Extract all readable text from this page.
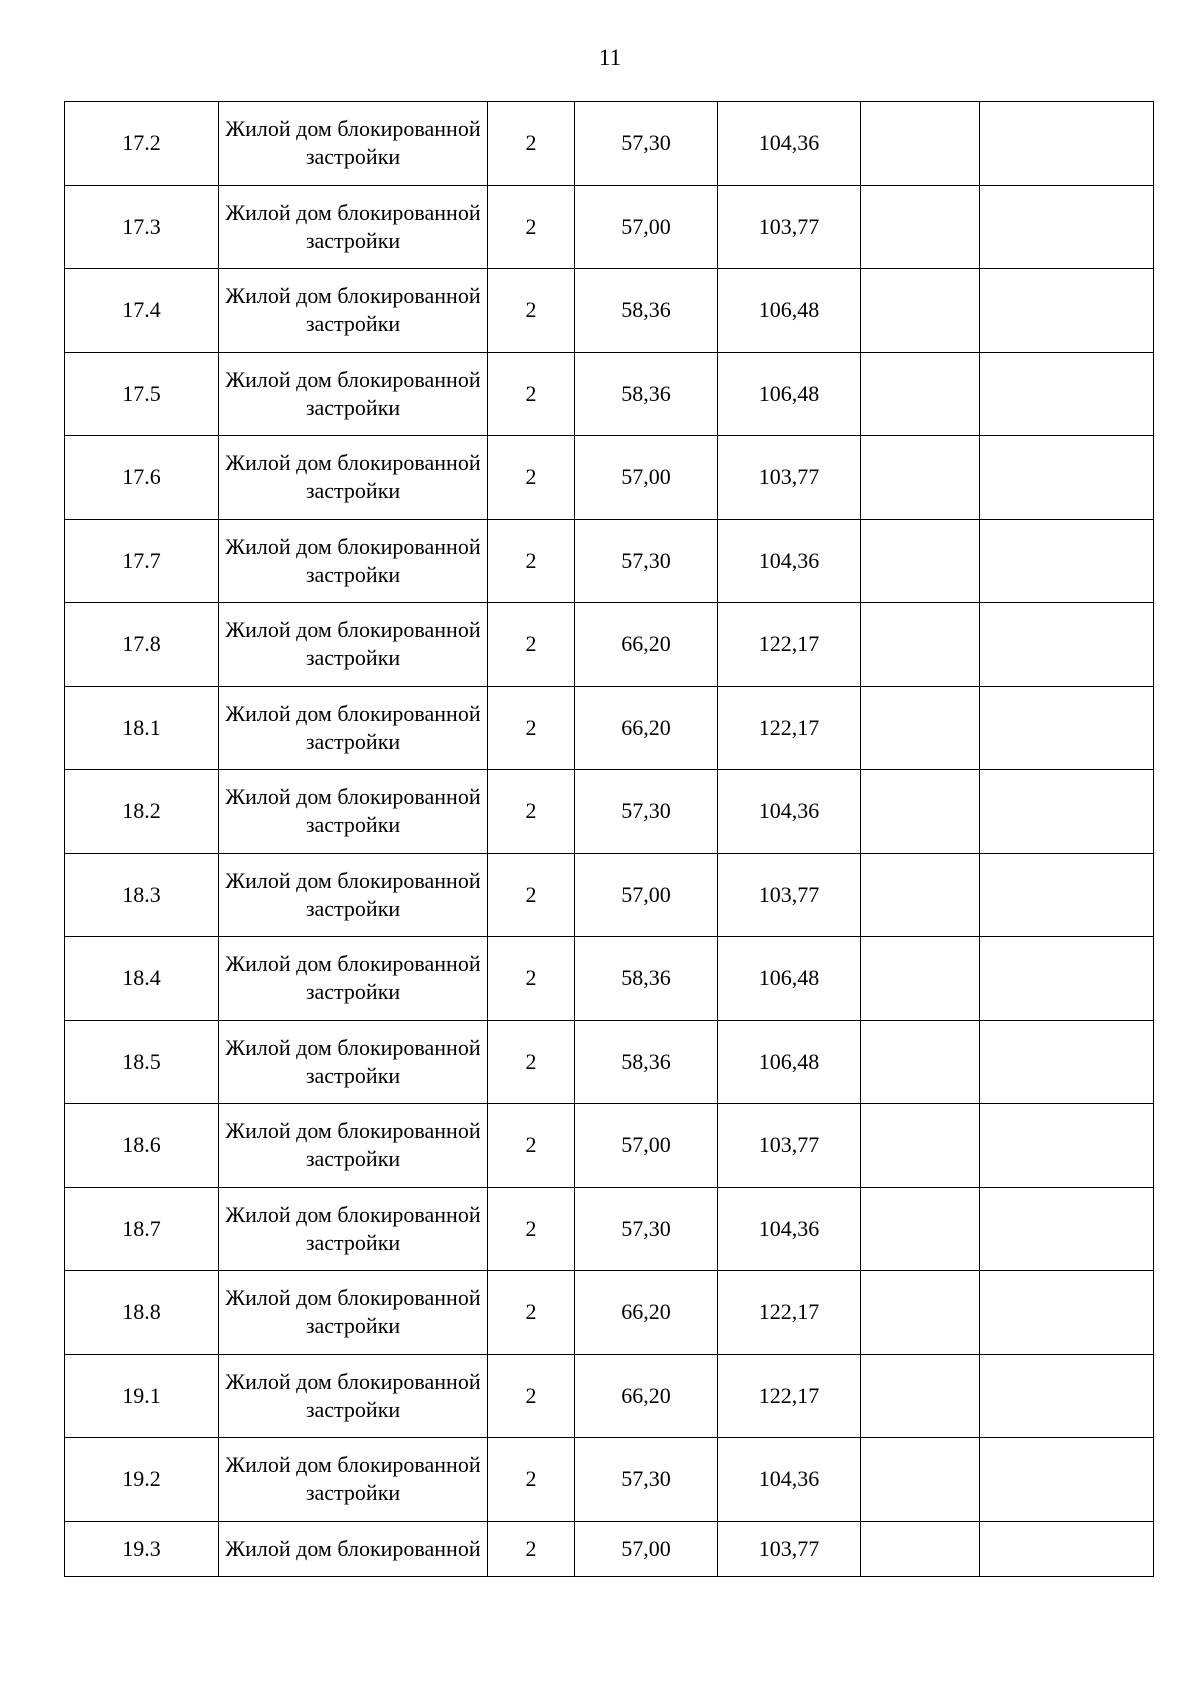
11
17.2	Жилой дом блокированной застройки	2	57,30	104,36		
17.3	Жилой дом блокированной застройки	2	57,00	103,77		
17.4	Жилой дом блокированной застройки	2	58,36	106,48		
17.5	Жилой дом блокированной застройки	2	58,36	106,48		
17.6	Жилой дом блокированной застройки	2	57,00	103,77		
17.7	Жилой дом блокированной застройки	2	57,30	104,36		
17.8	Жилой дом блокированной застройки	2	66,20	122,17		
18.1	Жилой дом блокированной застройки	2	66,20	122,17		
18.2	Жилой дом блокированной застройки	2	57,30	104,36		
18.3	Жилой дом блокированной застройки	2	57,00	103,77		
18.4	Жилой дом блокированной застройки	2	58,36	106,48		
18.5	Жилой дом блокированной застройки	2	58,36	106,48		
18.6	Жилой дом блокированной застройки	2	57,00	103,77		
18.7	Жилой дом блокированной застройки	2	57,30	104,36		
18.8	Жилой дом блокированной застройки	2	66,20	122,17		
19.1	Жилой дом блокированной застройки	2	66,20	122,17		
19.2	Жилой дом блокированной застройки	2	57,30	104,36		
19.3	Жилой дом блокированной	2	57,00	103,77		
